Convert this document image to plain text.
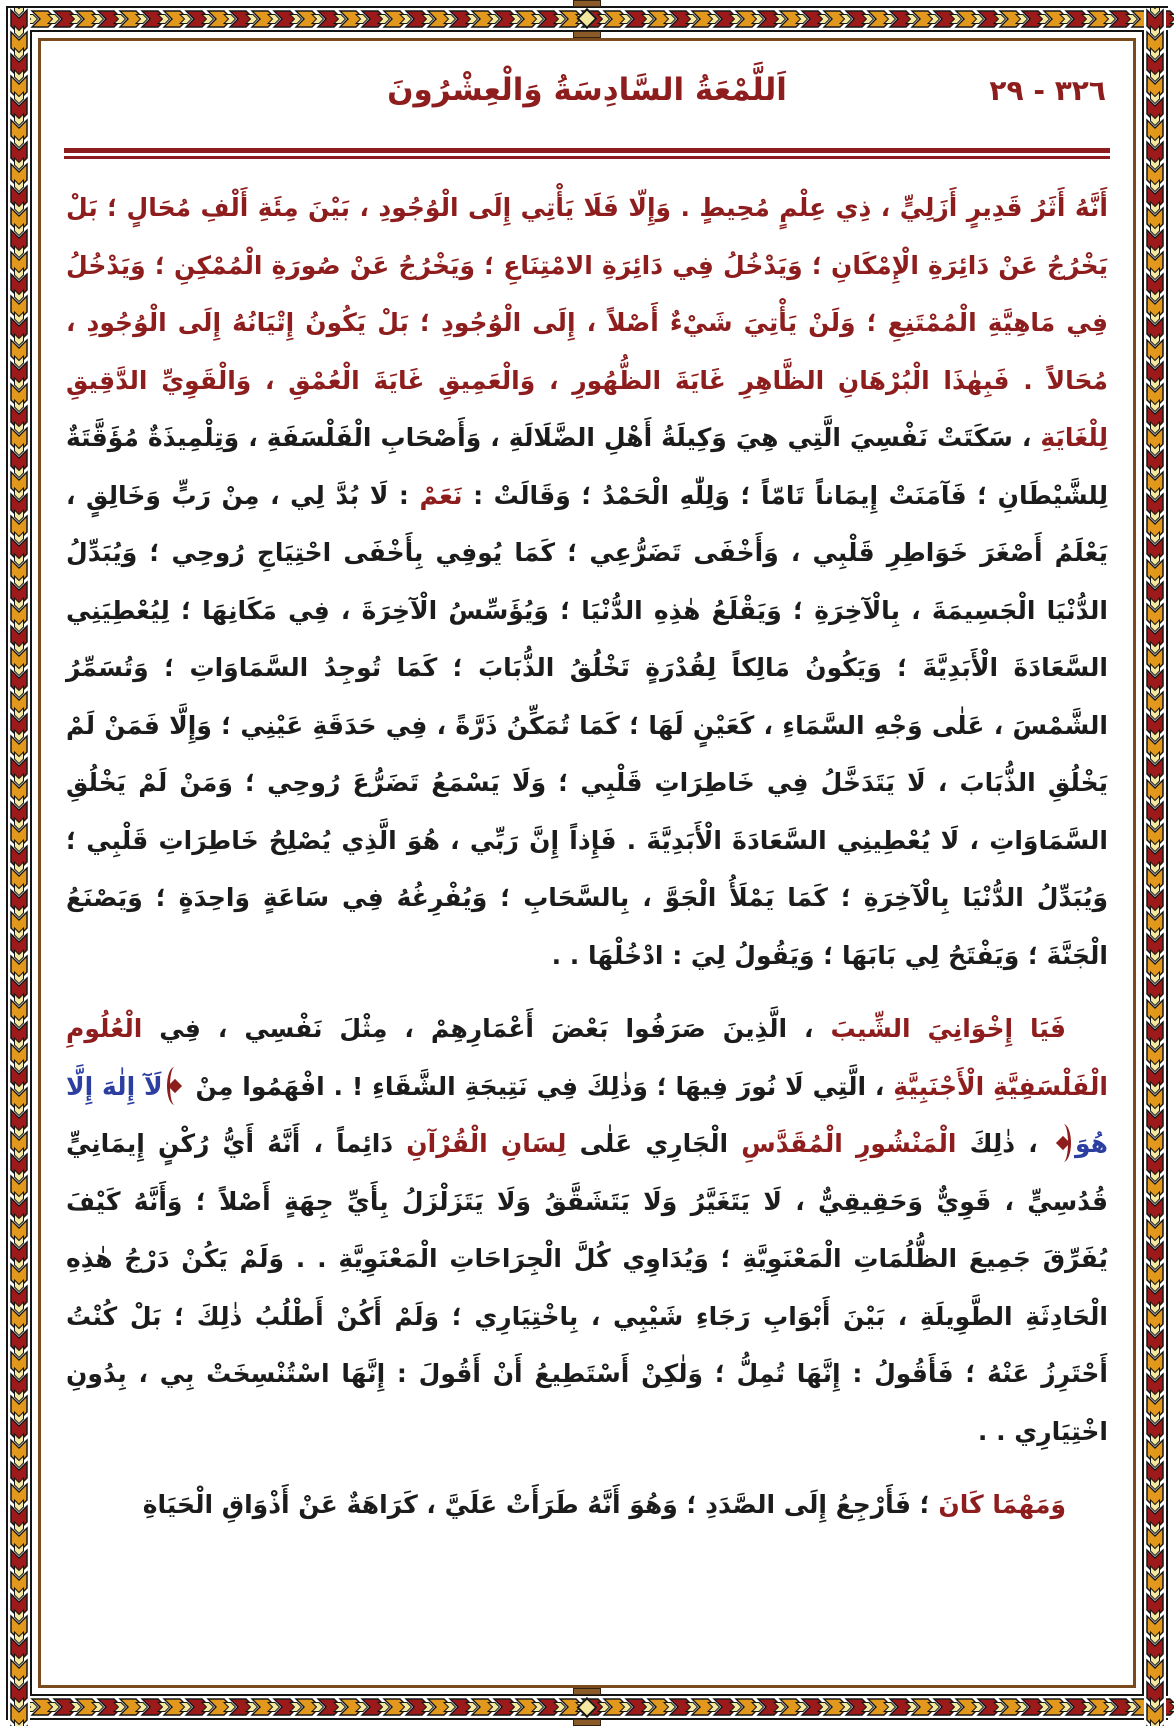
٣٢٦ - ٢٩
اَللَّمْعَةُ السَّادِسَةُ وَالْعِشْرُونَ

أَنَّهُ أَثَرُ قَدِيرٍ أَزَلِيٍّ ، ذِي عِلْمٍ مُحِيطٍ . وَإِلّا فَلَا يَأْتِي إِلَى الْوُجُودِ ، بَيْنَ مِئَةِ أَلْفِ مُحَالٍ ؛ بَلْ يَخْرُجُ عَنْ دَائِرَةِ الْإِمْكَانِ ؛ وَيَدْخُلُ فِي دَائِرَةِ الامْتِنَاعِ ؛ وَيَخْرُجُ عَنْ صُورَةِ الْمُمْكِنِ ؛ وَيَدْخُلُ فِي مَاهِيَّةِ الْمُمْتَنِعِ ؛ وَلَنْ يَأْتِيَ شَيْءٌ أَصْلاً ، إِلَى الْوُجُودِ ؛ بَلْ يَكُونُ إِتْيَانُهُ إِلَى الْوُجُودِ ، مُحَالاً . فَبِهٰذَا الْبُرْهَانِ الظَّاهِرِ غَايَةَ الظُّهُورِ ، وَالْعَمِيقِ غَايَةَ الْعُمْقِ ، وَالْقَوِيِّ الدَّقِيقِ لِلْغَايَةِ ، سَكَتَتْ نَفْسِيَ الَّتِي هِيَ وَكِيلَةُ أَهْلِ الضَّلَالَةِ ، وَأَصْحَابِ الْفَلْسَفَةِ ، وَتِلْمِيذَةٌ مُؤَقَّتَةٌ لِلشَّيْطَانِ ؛ فَآمَنَتْ إِيمَاناً تَامّاً ؛ وَلِلّٰهِ الْحَمْدُ ؛ وَقَالَتْ : نَعَمْ : لَا بُدَّ لِي ، مِنْ رَبٍّ وَخَالِقٍ ، يَعْلَمُ أَصْغَرَ خَوَاطِرِ قَلْبِي ، وَأَخْفَى تَضَرُّعِي ؛ كَمَا يُوفِي بِأَخْفَى احْتِيَاجِ رُوحِي ؛ وَيُبَدِّلُ الدُّنْيَا الْجَسِيمَةَ ، بِالْآخِرَةِ ؛ وَيَقْلَعُ هٰذِهِ الدُّنْيَا ؛ وَيُؤَسِّسُ الْآخِرَةَ ، فِي مَكَانِهَا ؛ لِيُعْطِيَنِي السَّعَادَةَ الْأَبَدِيَّةَ ؛ وَيَكُونُ مَالِكاً لِقُدْرَةٍ تَخْلُقُ الذُّبَابَ ؛ كَمَا تُوجِدُ السَّمَاوَاتِ ؛ وَتُسَمِّرُ الشَّمْسَ ، عَلٰى وَجْهِ السَّمَاءِ ، كَعَيْنٍ لَهَا ؛ كَمَا تُمَكِّنُ ذَرَّةً ، فِي حَدَقَةِ عَيْنِي ؛ وَإِلَّا فَمَنْ لَمْ يَخْلُقِ الذُّبَابَ ، لَا يَتَدَخَّلُ فِي خَاطِرَاتِ قَلْبِي ؛ وَلَا يَسْمَعُ تَضَرُّعَ رُوحِي ؛ وَمَنْ لَمْ يَخْلُقِ السَّمَاوَاتِ ، لَا يُعْطِينِي السَّعَادَةَ الْأَبَدِيَّةَ . فَإِذاً إِنَّ رَبِّي ، هُوَ الَّذِي يُصْلِحُ خَاطِرَاتِ قَلْبِي ؛ وَيُبَدِّلُ الدُّنْيَا بِالْآخِرَةِ ؛ كَمَا يَمْلَأُ الْجَوَّ ، بِالسَّحَابِ ؛ وَيُفْرِغُهُ فِي سَاعَةٍ وَاحِدَةٍ ؛ وَيَصْنَعُ الْجَنَّةَ ؛ وَيَفْتَحُ لِي بَابَهَا ؛ وَيَقُولُ لِيَ : ادْخُلْهَا . .

فَيَا إِخْوَانِيَ الشِّيبَ ، الَّذِينَ صَرَفُوا بَعْضَ أَعْمَارِهِمْ ، مِثْلَ نَفْسِي ، فِي الْعُلُومِ الْفَلْسَفِيَّةِ الْأَجْنَبِيَّةِ ، الَّتِي لَا نُورَ فِيهَا ؛ وَذٰلِكَ فِي نَتِيجَةِ الشَّقَاءِ ! . افْهَمُوا مِنْ لَآ إِلٰهَ إِلَّا هُوَ ، ذٰلِكَ الْمَنْشُورِ الْمُقَدَّسِ الْجَارِي عَلٰى لِسَانِ الْقُرْآنِ دَائِماً ، أَنَّهُ أَيُّ رُكْنٍ إِيمَانِيٍّ قُدُسِيٍّ ، قَوِيٌّ وَحَقِيقِيٌّ ، لَا يَتَغَيَّرُ وَلَا يَتَشَقَّقُ وَلَا يَتَزَلْزَلُ بِأَيِّ جِهَةٍ أَصْلاً ؛ وَأَنَّهُ كَيْفَ يُفَرِّقَ جَمِيعَ الظُّلُمَاتِ الْمَعْنَوِيَّةِ ؛ وَيُدَاوِي كُلَّ الْجِرَاحَاتِ الْمَعْنَوِيَّةِ . . وَلَمْ يَكُنْ دَرْجُ هٰذِهِ الْحَادِثَةِ الطَّوِيلَةِ ، بَيْنَ أَبْوَابِ رَجَاءِ شَيْبِي ، بِاخْتِيَارِي ؛ وَلَمْ أَكُنْ أَطْلُبُ ذٰلِكَ ؛ بَلْ كُنْتُ أَحْتَرِزُ عَنْهُ ؛ فَأَقُولُ : إِنَّهَا تُمِلُّ ؛ وَلٰكِنْ أَسْتَطِيعُ أَنْ أَقُولَ : إِنَّهَا اسْتُنْسِخَتْ بِي ، بِدُونِ اخْتِيَارِي . .

وَمَهْمَا كَانَ ؛ فَأَرْجِعُ إِلَى الصَّدَدِ ؛ وَهُوَ أَنَّهُ طَرَأَتْ عَلَيَّ ، كَرَاهَةٌ عَنْ أَذْوَاقِ الْحَيَاةِ
